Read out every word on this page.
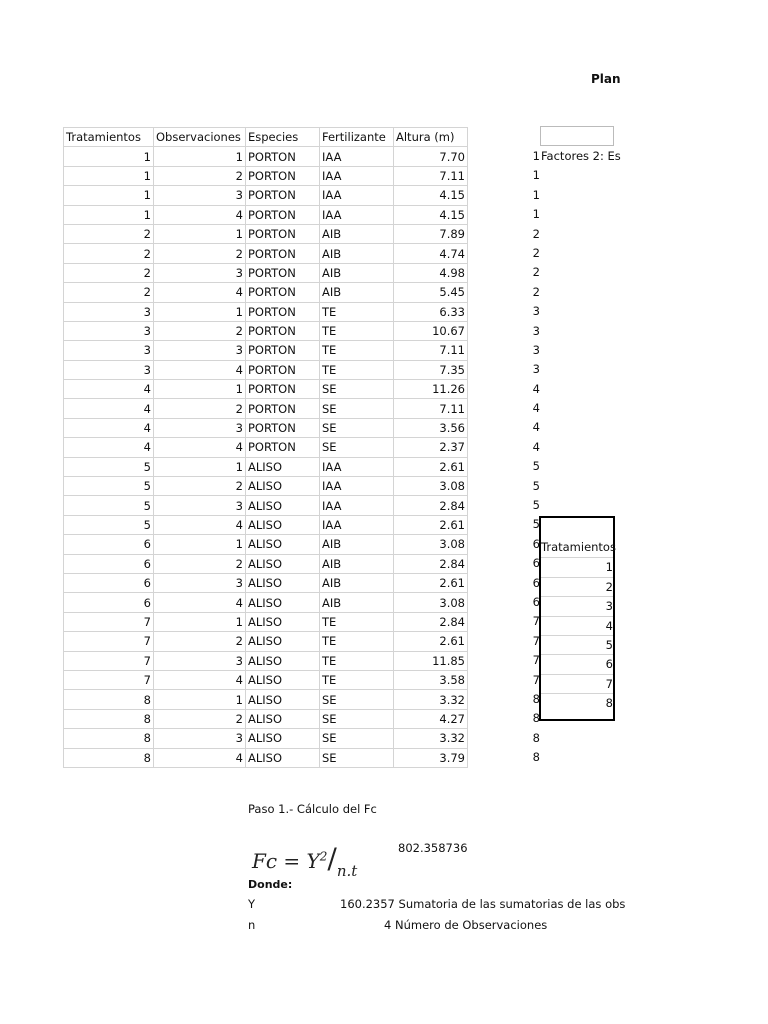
Plan
Tratamientos	Observaciones	Especies	Fertilizante	Altura (m)
1	1	PORTON	IAA	7.70
1	2	PORTON	IAA	7.11
1	3	PORTON	IAA	4.15
1	4	PORTON	IAA	4.15
2	1	PORTON	AIB	7.89
2	2	PORTON	AIB	4.74
2	3	PORTON	AIB	4.98
2	4	PORTON	AIB	5.45
3	1	PORTON	TE	6.33
3	2	PORTON	TE	10.67
3	3	PORTON	TE	7.11
3	4	PORTON	TE	7.35
4	1	PORTON	SE	11.26
4	2	PORTON	SE	7.11
4	3	PORTON	SE	3.56
4	4	PORTON	SE	2.37
5	1	ALISO	IAA	2.61
5	2	ALISO	IAA	3.08
5	3	ALISO	IAA	2.84
5	4	ALISO	IAA	2.61
6	1	ALISO	AIB	3.08
6	2	ALISO	AIB	2.84
6	3	ALISO	AIB	2.61
6	4	ALISO	AIB	3.08
7	1	ALISO	TE	2.84
7	2	ALISO	TE	2.61
7	3	ALISO	TE	11.85
7	4	ALISO	TE	3.58
8	1	ALISO	SE	3.32
8	2	ALISO	SE	4.27
8	3	ALISO	SE	3.32
8	4	ALISO	SE	3.79
1
1
1
1
2
2
2
2
3
3
3
3
4
4
4
4
5
5
5
5
6
6
6
6
7
7
7
7
8
8
8
8
Factores 2: Es
Tratamientos
1
2
3
4
5
6
7
8
Paso 1.- Cálculo del Fc
$Fc = Y^2/_{n.t}$
802.358736
Donde:
Y	160.2357 Sumatoria de las sumatorias de las obs
n	4 Número de Observaciones
